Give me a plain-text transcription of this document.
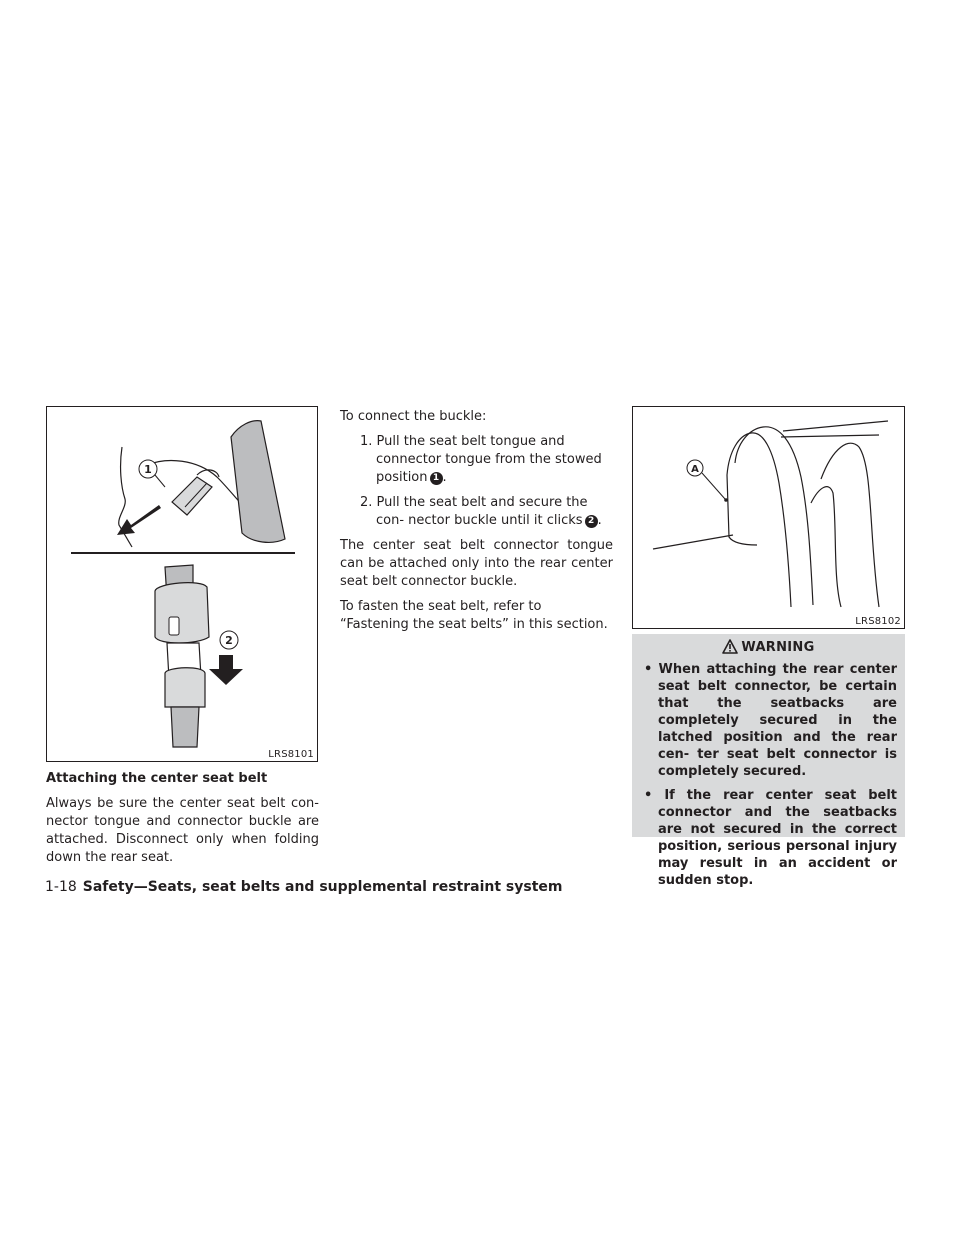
1
2
LRS8101

Attaching the center seat belt

Always be sure the center seat belt con- nector tongue and connector buckle are attached. Disconnect only when folding down the rear seat.

To connect the buckle:

1. Pull the seat belt tongue and connector tongue from the stowed position 1 .
2. Pull the seat belt and secure the con- nector buckle until it clicks 2 .

The center seat belt connector tongue can be attached only into the rear center seat belt connector buckle.

To fasten the seat belt, refer to “Fastening the seat belts” in this section.

A
LRS8102
WARNING
• When attaching the rear center seat belt connector, be certain that the seatbacks are completely secured in the latched position and the rear cen- ter seat belt connector is completely secured.
• If the rear center seat belt connector and the seatbacks are not secured in the correct position, serious personal injury may result in an accident or sudden stop.
1-18 Safety—Seats, seat belts and supplemental restraint system
